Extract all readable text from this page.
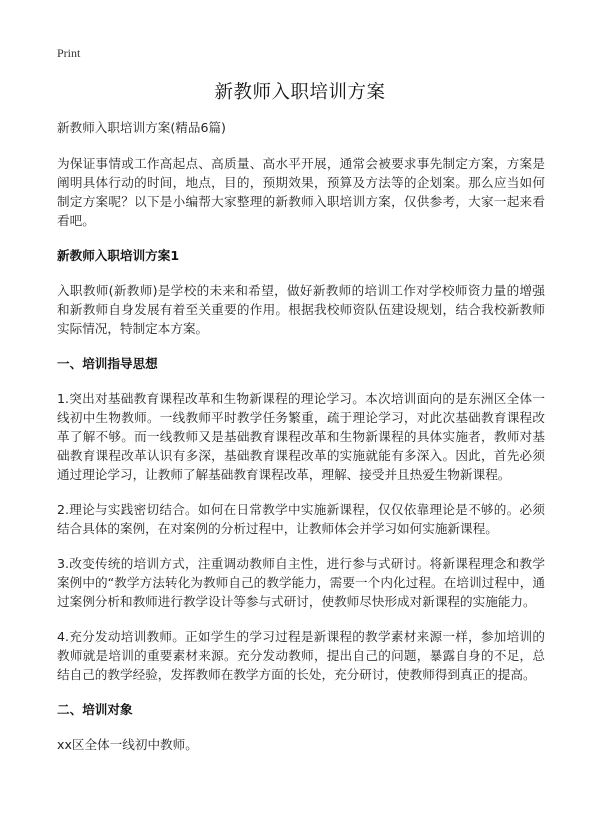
Print
新教师入职培训方案
新教师入职培训方案(精品6篇)
为保证事情或工作高起点、高质量、高水平开展，通常会被要求事先制定方案，方案是阐明具体行动的时间，地点，目的，预期效果，预算及方法等的企划案。那么应当如何制定方案呢？以下是小编帮大家整理的新教师入职培训方案，仅供参考，大家一起来看看吧。
新教师入职培训方案1
入职教师(新教师)是学校的未来和希望，做好新教师的培训工作对学校师资力量的增强和新教师自身发展有着至关重要的作用。根据我校师资队伍建设规划，结合我校新教师实际情况，特制定本方案。
一、培训指导思想
1.突出对基础教育课程改革和生物新课程的理论学习。本次培训面向的是东洲区全体一线初中生物教师。一线教师平时教学任务繁重，疏于理论学习，对此次基础教育课程改革了解不够。而一线教师又是基础教育课程改革和生物新课程的具体实施者，教师对基础教育课程改革认识有多深，基础教育课程改革的实施就能有多深入。因此，首先必须通过理论学习，让教师了解基础教育课程改革，理解、接受并且热爱生物新课程。
2.理论与实践密切结合。如何在日常教学中实施新课程，仅仅依靠理论是不够的。必须结合具体的案例，在对案例的分析过程中，让教师体会并学习如何实施新课程。
3.改变传统的培训方式，注重调动教师自主性，进行参与式研讨。将新课程理念和教学案例中的“教学方法转化为教师自己的教学能力，需要一个内化过程。在培训过程中，通过案例分析和教师进行教学设计等参与式研讨，使教师尽快形成对新课程的实施能力。
4.充分发动培训教师。正如学生的学习过程是新课程的教学素材来源一样，参加培训的教师就是培训的重要素材来源。充分发动教师，提出自己的问题，暴露自身的不足，总结自己的教学经验，发挥教师在教学方面的长处，充分研讨，使教师得到真正的提高。
二、培训对象
xx区全体一线初中教师。
